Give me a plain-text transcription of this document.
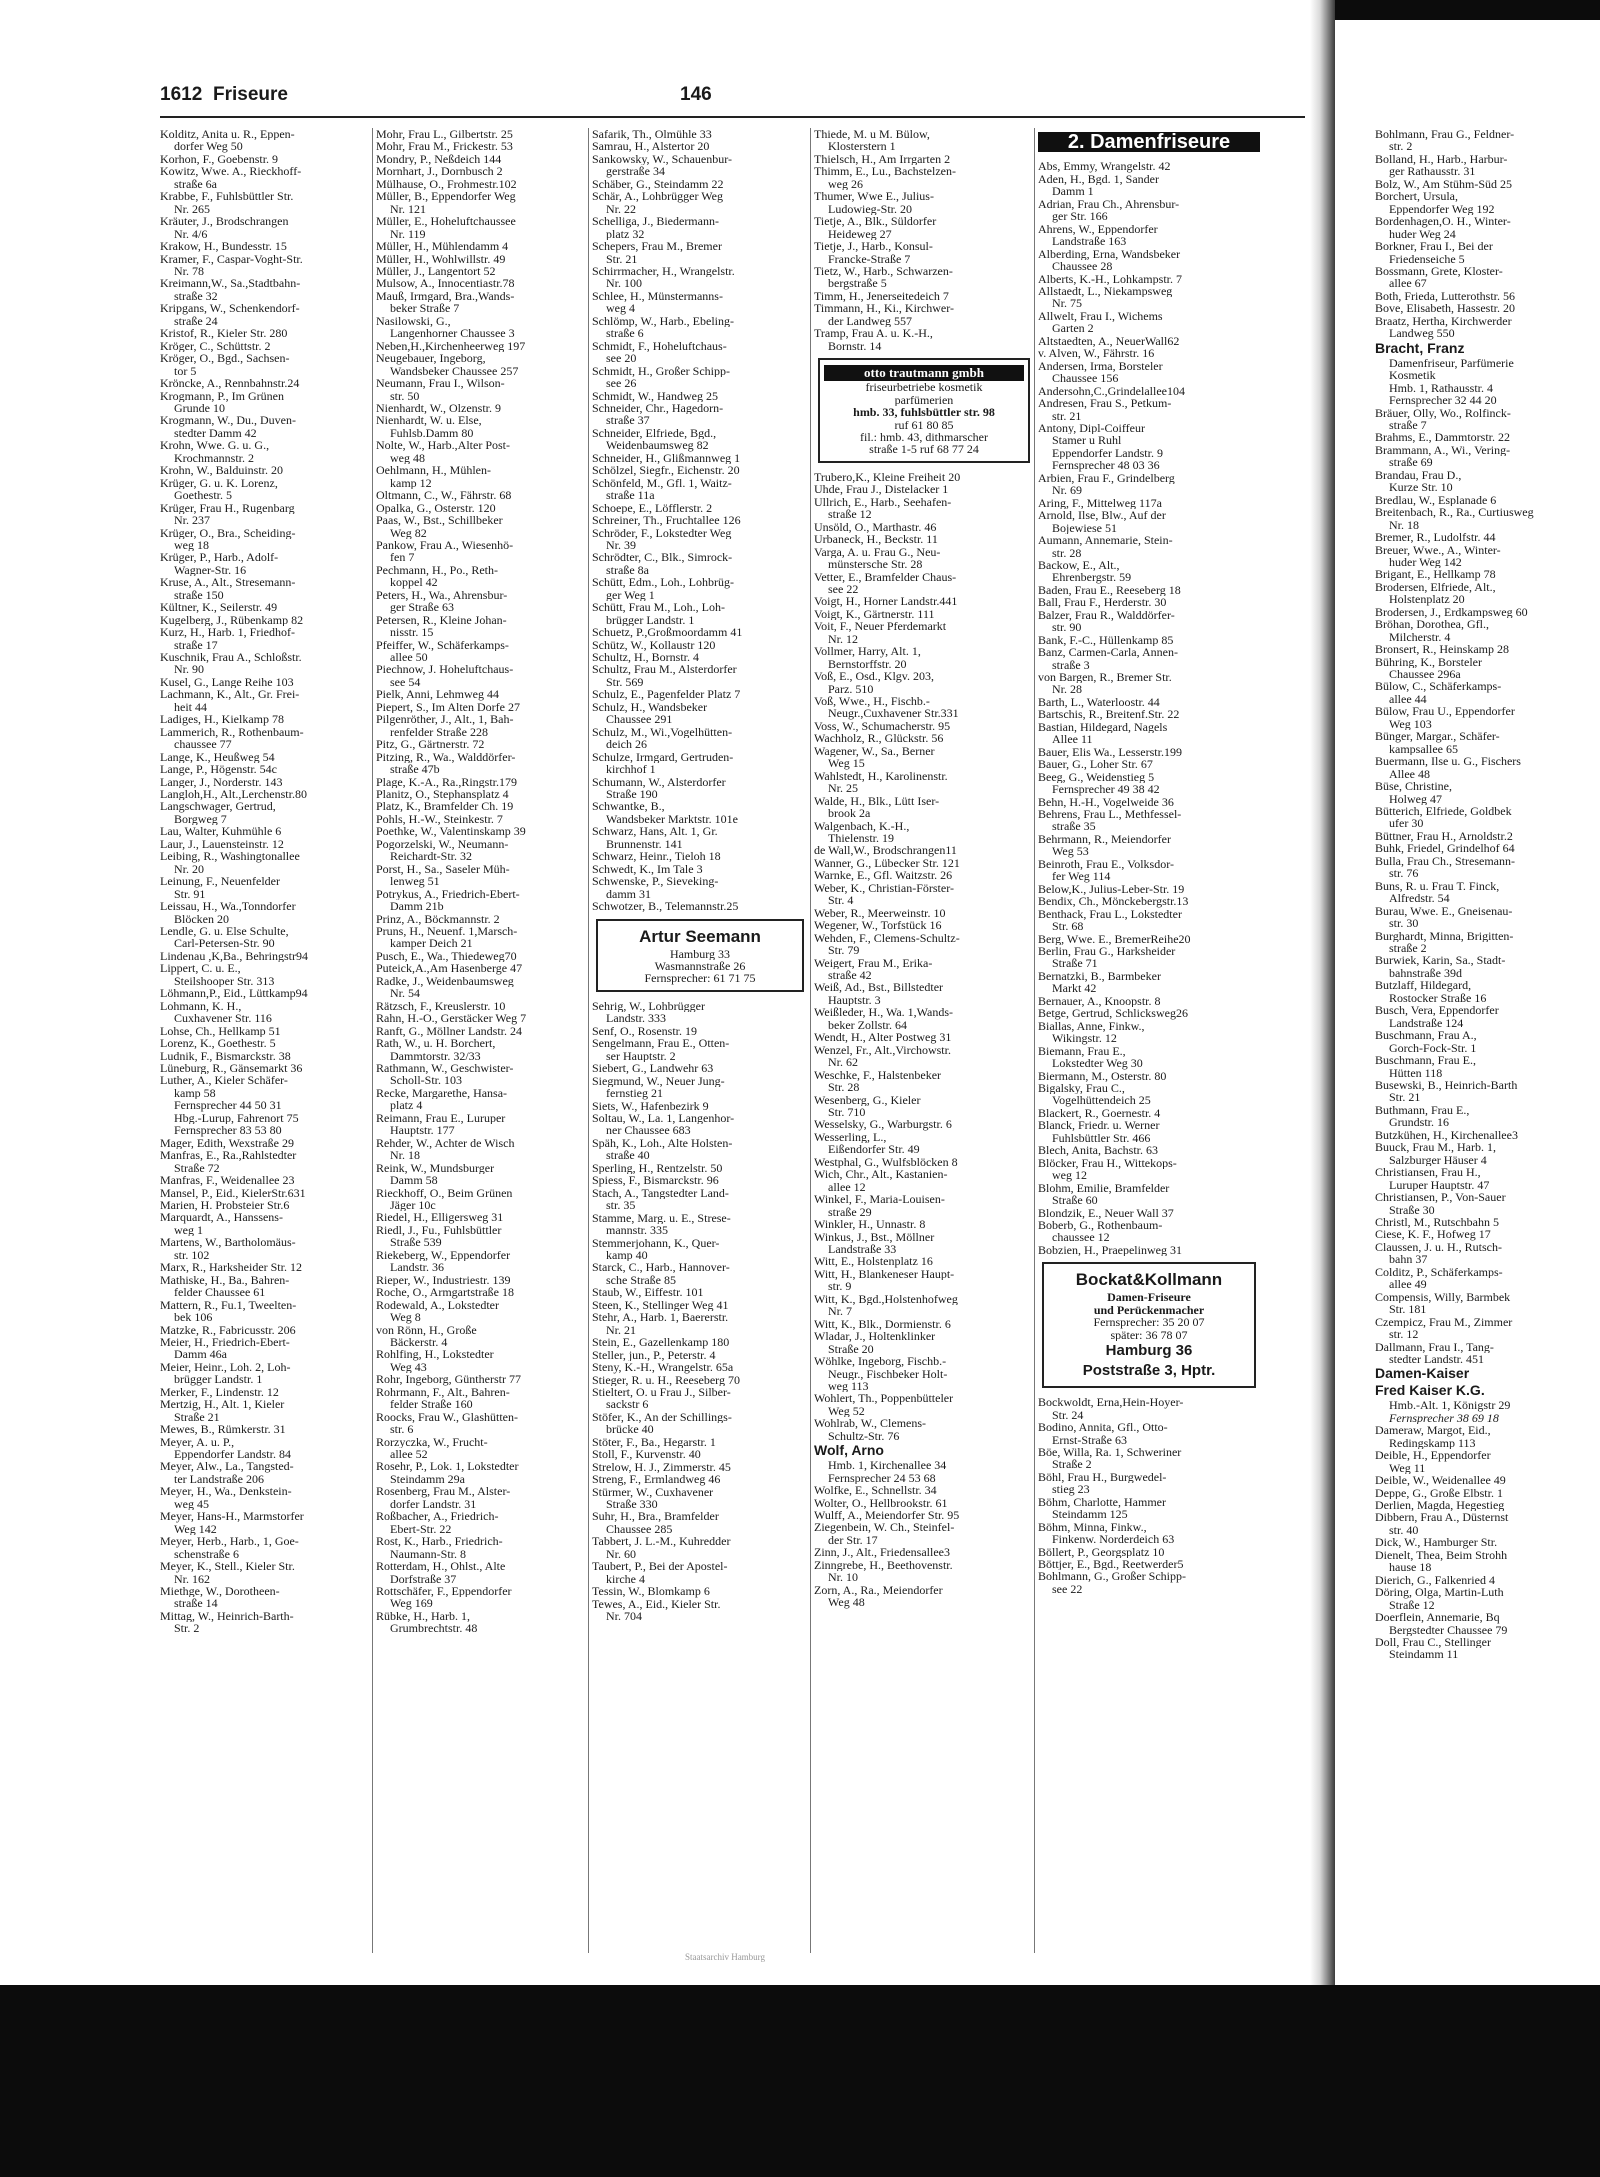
1612 Friseure	146
Kolditz, Anita u. R., Eppen-
dorfer Weg 50
Korhon, F., Goebenstr. 9
Kowitz, Wwe. A., Rieckhoff-
straße 6a
Krabbe, F., Fuhlsbüttler Str.
Nr. 265
Kräuter, J., Brodschrangen
Nr. 4/6
Krakow, H., Bundesstr. 15
Kramer, F., Caspar-Voght-Str.
Nr. 78
Kreimann,W., Sa.,Stadtbahn-
straße 32
Kripgans, W., Schenkendorf-
straße 24
Kristof, R., Kieler Str. 280
Kröger, C., Schüttstr. 2
Kröger, O., Bgd., Sachsen-
tor 5
Kröncke, A., Rennbahnstr.24
Krogmann, P., Im Grünen
Grunde 10
Krogmann, W., Du., Duven-
stedter Damm 42
Krohn, Wwe. G. u. G.,
Krochmannstr. 2
Krohn, W., Balduinstr. 20
Krüger, G. u. K. Lorenz,
Goethestr. 5
Krüger, Frau H., Rugenbarg
Nr. 237
Krüger, O., Bra., Scheiding-
weg 18
Krüger, P., Harb., Adolf-
Wagner-Str. 16
Kruse, A., Alt., Stresemann-
straße 150
Kültner, K., Seilerstr. 49
Kugelberg, J., Rübenkamp 82
Kurz, H., Harb. 1, Friedhof-
straße 17
Kuschnik, Frau A., Schloßstr.
Nr. 90
Kusel, G., Lange Reihe 103
Lachmann, K., Alt., Gr. Frei-
heit 44
Ladiges, H., Kielkamp 78
Lammerich, R., Rothenbaum-
chaussee 77
Lange, K., Heußweg 54
Lange, P., Högenstr. 54c
Langer, J., Norderstr. 143
Langloh,H., Alt.,Lerchenstr.80
Langschwager, Gertrud,
Borgweg 7
Lau, Walter, Kuhmühle 6
Laur, J., Lauensteinstr. 12
Leibing, R., Washingtonallee
Nr. 20
Leinung, F., Neuenfelder
Str. 91
Leissau, H., Wa.,Tonndorfer
Blöcken 20
Lendle, G. u. Else Schulte,
Carl-Petersen-Str. 90
Lindenau ,K,Ba., Behringstr94
Lippert, C. u. E.,
Steilshooper Str. 313
Löhmann,P., Eid., Lüttkamp94
Lohmann, K. H.,
Cuxhavener Str. 116
Lohse, Ch., Hellkamp 51
Lorenz, K., Goethestr. 5
Ludnik, F., Bismarckstr. 38
Lüneburg, R., Gänsemarkt 36
Luther, A., Kieler Schäfer-
kamp 58
Fernsprecher 44 50 31
Hbg.-Lurup, Fahrenort 75
Fernsprecher 83 53 80
Mager, Edith, Wexstraße 29
Manfras, E., Ra.,Rahlstedter
Straße 72
Manfras, F., Weidenallee 23
Mansel, P., Eid., KielerStr.631
Marien, H. Probsteier Str.6
Marquardt, A., Hanssens-
weg 1
Martens, W., Bartholomäus-
str. 102
Marx, R., Harksheider Str. 12
Mathiske, H., Ba., Bahren-
felder Chaussee 61
Mattern, R., Fu.1, Tweelten-
bek 106
Matzke, R., Fabricusstr. 206
Meier, H., Friedrich-Ebert-
Damm 46a
Meier, Heinr., Loh. 2, Loh-
brügger Landstr. 1
Merker, F., Lindenstr. 12
Mertzig, H., Alt. 1, Kieler
Straße 21
Mewes, B., Rümkerstr. 31
Meyer, A. u. P.,
Eppendorfer Landstr. 84
Meyer, Alw., La., Tangsted-
ter Landstraße 206
Meyer, H., Wa., Denkstein-
weg 45
Meyer, Hans-H., Marmstorfer
Weg 142
Meyer, Herb., Harb., 1, Goe-
schenstraße 6
Meyer, K., Stell., Kieler Str.
Nr. 162
Miethge, W., Dorotheen-
straße 14
Mittag, W., Heinrich-Barth-
Str. 2
Mohr, Frau L., Gilbertstr. 25
Mohr, Frau M., Frickestr. 53
Mondry, P., Neßdeich 144
Mornhart, J., Dornbusch 2
Mülhause, O., Frohmestr.102
Müller, B., Eppendorfer Weg
Nr. 121
Müller, E., Hoheluftchaussee
Nr. 119
Müller, H., Mühlendamm 4
Müller, H., Wohlwillstr. 49
Müller, J., Langentort 52
Mulsow, A., Innocentiastr.78
Mauß, Irmgard, Bra.,Wands-
beker Straße 7
Nasilowski, G.,
Langenhorner Chaussee 3
Neben,H.,Kirchenheerweg 197
Neugebauer, Ingeborg,
Wandsbeker Chaussee 257
Neumann, Frau I., Wilson-
str. 50
Nienhardt, W., Olzenstr. 9
Nienhardt, W. u. Else,
Fuhlsb.Damm 80
Nolte, W., Harb.,Alter Post-
weg 48
Oehlmann, H., Mühlen-
kamp 12
Oltmann, C., W., Fährstr. 68
Opalka, G., Osterstr. 120
Paas, W., Bst., Schillbeker
Weg 82
Pankow, Frau A., Wiesenhö-
fen 7
Pechmann, H., Po., Reth-
koppel 42
Peters, H., Wa., Ahrensbur-
ger Straße 63
Petersen, R., Kleine Johan-
nisstr. 15
Pfeiffer, W., Schäferkamps-
allee 50
Piechnow, J. Hoheluftchaus-
see 54
Pielk, Anni, Lehmweg 44
Piepert, S., Im Alten Dorfe 27
Pilgenröther, J., Alt., 1, Bah-
renfelder Straße 228
Pitz, G., Gärtnerstr. 72
Pitzing, R., Wa., Walddörfer-
straße 47b
Plage, K.-A., Ra.,Ringstr.179
Planitz, O., Stephansplatz 4
Platz, K., Bramfelder Ch. 19
Pohls, H.-W., Steinkestr. 7
Poethke, W., Valentinskamp 39
Pogorzelski, W., Neumann-
Reichardt-Str. 32
Porst, H., Sa., Saseler Müh-
lenweg 51
Potrykus, A., Friedrich-Ebert-
Damm 21b
Prinz, A., Böckmannstr. 2
Pruns, H., Neuenf. 1,Marsch-
kamper Deich 21
Pusch, E., Wa., Thiedeweg70
Puteick,A.,Am Hasenberge 47
Radke, J., Weidenbaumsweg
Nr. 54
Rätzsch, F., Kreuslerstr. 10
Rahn, H.-O., Gerstäcker Weg 7
Ranft, G., Möllner Landstr. 24
Rath, W., u. H. Borchert,
Dammtorstr. 32/33
Rathmann, W., Geschwister-
Scholl-Str. 103
Recke, Margarethe, Hansa-
platz 4
Reimann, Frau E., Luruper
Hauptstr. 177
Rehder, W., Achter de Wisch
Nr. 18
Reink, W., Mundsburger
Damm 58
Rieckhoff, O., Beim Grünen
Jäger 10c
Riedel, H., Elligersweg 31
Riedl, J., Fu., Fuhlsbüttler
Straße 539
Riekeberg, W., Eppendorfer
Landstr. 36
Rieper, W., Industriestr. 139
Roche, O., Armgartstraße 18
Rodewald, A., Lokstedter
Weg 8
von Rönn, H., Große
Bäckerstr. 4
Rohlfing, H., Lokstedter
Weg 43
Rohr, Ingeborg, Güntherstr 77
Rohrmann, F., Alt., Bahren-
felder Straße 160
Roocks, Frau W., Glashütten-
str. 6
Rorzyczka, W., Frucht-
allee 52
Rosehr, P., Lok. 1, Lokstedter
Steindamm 29a
Rosenberg, Frau M., Alster-
dorfer Landstr. 31
Roßbacher, A., Friedrich-
Ebert-Str. 22
Rost, K., Harb., Friedrich-
Naumann-Str. 8
Rotterdam, H., Ohlst., Alte
Dorfstraße 37
Rottschäfer, F., Eppendorfer
Weg 169
Rübke, H., Harb. 1,
Grumbrechtstr. 48
Safarik, Th., Olmühle 33
Samrau, H., Alstertor 20
Sankowsky, W., Schauenbur-
gerstraße 34
Schäber, G., Steindamm 22
Schär, A., Lohbrügger Weg
Nr. 22
Schelliga, J., Biedermann-
platz 32
Schepers, Frau M., Bremer
Str. 21
Schirrmacher, H., Wrangelstr.
Nr. 100
Schlee, H., Münstermanns-
weg 4
Schlömp, W., Harb., Ebeling-
straße 6
Schmidt, F., Hoheluftchaus-
see 20
Schmidt, H., Großer Schipp-
see 26
Schmidt, W., Handweg 25
Schneider, Chr., Hagedorn-
straße 37
Schneider, Elfriede, Bgd.,
Weidenbaumsweg 82
Schneider, H., Glißmannweg 1
Schölzel, Siegfr., Eichenstr. 20
Schönfeld, M., Gfl. 1, Waitz-
straße 11a
Schoepe, E., Löfflerstr. 2
Schreiner, Th., Fruchtallee 126
Schröder, F., Lokstedter Weg
Nr. 39
Schrödter, C., Blk., Simrock-
straße 8a
Schütt, Edm., Loh., Lohbrüg-
ger Weg 1
Schütt, Frau M., Loh., Loh-
brügger Landstr. 1
Schuetz, P.,Großmoordamm 41
Schütz, W., Kollaustr 120
Schultz, H., Bornstr. 4
Schultz, Frau M., Alsterdorfer
Str. 569
Schulz, E., Pagenfelder Platz 7
Schulz, H., Wandsbeker
Chaussee 291
Schulz, M., Wi.,Vogelhütten-
deich 26
Schulze, Irmgard, Gertruden-
kirchhof 1
Schumann, W., Alsterdorfer
Straße 190
Schwantke, B.,
Wandsbeker Marktstr. 101e
Schwarz, Hans, Alt. 1, Gr.
Brunnenstr. 141
Schwarz, Heinr., Tieloh 18
Schwedt, K., Im Tale 3
Schwenske, P., Sieveking-
damm 31
Schwotzer, B., Telemannstr.25
Artur Seemann
Hamburg 33
Wasmannstraße 26
Fernsprecher: 61 71 75
Sehrig, W., Lohbrügger
Landstr. 333
Senf, O., Rosenstr. 19
Sengelmann, Frau E., Otten-
ser Hauptstr. 2
Siebert, G., Landwehr 63
Siegmund, W., Neuer Jung-
fernstieg 21
Siets, W., Hafenbezirk 9
Soltau, W., La. 1, Langenhor-
ner Chaussee 683
Späh, K., Loh., Alte Holsten-
straße 40
Sperling, H., Rentzelstr. 50
Spiess, F., Bismarckstr. 96
Stach, A., Tangstedter Land-
str. 35
Stamme, Marg. u. E., Strese-
mannstr. 335
Stemmerjohann, K., Quer-
kamp 40
Starck, C., Harb., Hannover-
sche Straße 85
Staub, W., Eiffestr. 101
Steen, K., Stellinger Weg 41
Stehr, A., Harb. 1, Baererstr.
Nr. 21
Stein, E., Gazellenkamp 180
Steller, jun., P., Peterstr. 4
Steny, K.-H., Wrangelstr. 65a
Stieger, R. u. H., Reeseberg 70
Stieltert, O. u Frau J., Silber-
sackstr 6
Stöfer, K., An der Schillings-
brücke 40
Stöter, F., Ba., Hegarstr. 1
Stoll, F., Kurvenstr. 40
Strelow, H. J., Zimmerstr. 45
Streng, F., Ermlandweg 46
Stürmer, W., Cuxhavener
Straße 330
Suhr, H., Bra., Bramfelder
Chaussee 285
Tabbert, J. L.-M., Kuhredder
Nr. 60
Taubert, P., Bei der Apostel-
kirche 4
Tessin, W., Blomkamp 6
Tewes, A., Eid., Kieler Str.
Nr. 704
Thiede, M. u M. Bülow,
Klosterstern 1
Thielsch, H., Am Irrgarten 2
Thimm, E., Lu., Bachstelzen-
weg 26
Thumer, Wwe E., Julius-
Ludowieg-Str. 20
Tietje, A., Blk., Süldorfer
Heideweg 27
Tietje, J., Harb., Konsul-
Francke-Straße 7
Tietz, W., Harb., Schwarzen-
bergstraße 5
Timm, H., Jenerseitedeich 7
Timmann, H., Ki., Kirchwer-
der Landweg 557
Tramp, Frau A. u. K.-H.,
Bornstr. 14
otto trautmann gmbh
friseurbetriebe kosmetik
parfümerien
hmb. 33, fuhlsbüttler str. 98
ruf 61 80 85
fil.: hmb. 43, dithmarscher
straße 1-5 ruf 68 77 24
Trubero,K., Kleine Freiheit 20
Uhde, Frau J., Distelacker 1
Ullrich, E., Harb., Seehafen-
straße 12
Unsöld, O., Marthastr. 46
Urbaneck, H., Beckstr. 11
Varga, A. u. Frau G., Neu-
münstersche Str. 28
Vetter, E., Bramfelder Chaus-
see 22
Voigt, H., Horner Landstr.441
Voigt, K., Gärtnerstr. 111
Voit, F., Neuer Pferdemarkt
Nr. 12
Vollmer, Harry, Alt. 1,
Bernstorffstr. 20
Voß, E., Osd., Klgv. 203,
Parz. 510
Voß, Wwe., H., Fischb.-
Neugr.,Cuxhavener Str.331
Voss, W., Schumacherstr. 95
Wachholz, R., Glückstr. 56
Wagener, W., Sa., Berner
Weg 15
Wahlstedt, H., Karolinenstr.
Nr. 25
Walde, H., Blk., Lütt Iser-
brook 2a
Walgenbach, K.-H.,
Thielenstr. 19
de Wall,W., Brodschrangen11
Wanner, G., Lübecker Str. 121
Warnke, E., Gfl. Waitzstr. 26
Weber, K., Christian-Förster-
Str. 4
Weber, R., Meerweinstr. 10
Wegener, W., Torfstück 16
Wehden, F., Clemens-Schultz-
Str. 79
Weigert, Frau M., Erika-
straße 42
Weiß, Ad., Bst., Billstedter
Hauptstr. 3
Weißleder, H., Wa. 1,Wands-
beker Zollstr. 64
Wendt, H., Alter Postweg 31
Wenzel, Fr., Alt.,Virchowstr.
Nr. 62
Weschke, F., Halstenbeker
Str. 28
Wesenberg, G., Kieler
Str. 710
Wesselsky, G., Warburgstr. 6
Wesserling, L.,
Eißendorfer Str. 49
Westphal, G., Wulfsblöcken 8
Wich, Chr., Alt., Kastanien-
allee 12
Winkel, F., Maria-Louisen-
straße 29
Winkler, H., Unnastr. 8
Winkus, J., Bst., Möllner
Landstraße 33
Witt, E., Holstenplatz 16
Witt, H., Blankeneser Haupt-
str. 9
Witt, K., Bgd.,Holstenhofweg
Nr. 7
Witt, K., Blk., Dormienstr. 6
Wladar, J., Holtenklinker
Straße 20
Wöhlke, Ingeborg, Fischb.-
Neugr., Fischbeker Holt-
weg 113
Wohlert, Th., Poppenbütteler
Weg 52
Wohlrab, W., Clemens-
Schultz-Str. 76
Wolf, Arno
Hmb. 1, Kirchenallee 34
Fernsprecher 24 53 68
Wolfke, E., Schnellstr. 34
Wolter, O., Hellbrookstr. 61
Wulff, A., Meiendorfer Str. 95
Ziegenbein, W. Ch., Steinfel-
der Str. 17
Zinn, J., Alt., Friedensallee3
Zinngrebe, H., Beethovenstr.
Nr. 10
Zorn, A., Ra., Meiendorfer
Weg 48
2. Damenfriseure
Abs, Emmy, Wrangelstr. 42
Aden, H., Bgd. 1, Sander
Damm 1
Adrian, Frau Ch., Ahrensbur-
ger Str. 166
Ahrens, W., Eppendorfer
Landstraße 163
Alberding, Erna, Wandsbeker
Chaussee 28
Alberts, K.-H., Lohkampstr. 7
Allstaedt, L., Niekampsweg
Nr. 75
Allwelt, Frau I., Wichems
Garten 2
Altstaedten, A., NeuerWall62
v. Alven, W., Fährstr. 16
Andersen, Irma, Borsteler
Chaussee 156
Andersohn,C.,Grindelallee104
Andresen, Frau S., Petkum-
str. 21
Antony, Dipl-Coiffeur
Stamer u Ruhl
Eppendorfer Landstr. 9
Fernsprecher 48 03 36
Arbien, Frau F., Grindelberg
Nr. 69
Aring, F., Mittelweg 117a
Arnold, Ilse, Blw., Auf der
Bojewiese 51
Aumann, Annemarie, Stein-
str. 28
Backow, E., Alt.,
Ehrenbergstr. 59
Baden, Frau E., Reeseberg 18
Ball, Frau F., Herderstr. 30
Balzer, Frau R., Walddörfer-
str. 90
Bank, F.-C., Hüllenkamp 85
Banz, Carmen-Carla, Annen-
straße 3
von Bargen, R., Bremer Str.
Nr. 28
Barth, L., Waterloostr. 44
Bartschis, R., Breitenf.Str. 22
Bastian, Hildegard, Nagels
Allee 11
Bauer, Elis Wa., Lesserstr.199
Bauer, G., Loher Str. 67
Beeg, G., Weidenstieg 5
Fernsprecher 49 38 42
Behn, H.-H., Vogelweide 36
Behrens, Frau L., Methfessel-
straße 35
Behrmann, R., Meiendorfer
Weg 53
Beinroth, Frau E., Volksdor-
fer Weg 114
Below,K., Julius-Leber-Str. 19
Bendix, Ch., Mönckebergstr.13
Benthack, Frau L., Lokstedter
Str. 68
Berg, Wwe. E., BremerReihe20
Berlin, Frau G., Harksheider
Straße 71
Bernatzki, B., Barmbeker
Markt 42
Bernauer, A., Knoopstr. 8
Betge, Gertrud, Schlicksweg26
Biallas, Anne, Finkw.,
Wikingstr. 12
Biemann, Frau E.,
Lokstedter Weg 30
Biermann, M., Osterstr. 80
Bigalsky, Frau C.,
Vogelhüttendeich 25
Blackert, R., Goernestr. 4
Blanck, Friedr. u. Werner
Fuhlsbüttler Str. 466
Blech, Anita, Bachstr. 63
Blöcker, Frau H., Wittekops-
weg 12
Blohm, Emilie, Bramfelder
Straße 60
Blondzik, E., Neuer Wall 37
Boberb, G., Rothenbaum-
chaussee 12
Bobzien, H., Praepelinweg 31
Bockat&Kollmann
Damen-Friseure
und Perückenmacher
Fernsprecher: 35 20 07
später: 36 78 07
Hamburg 36
Poststraße 3, Hptr.
Bockwoldt, Erna,Hein-Hoyer-
Str. 24
Bodino, Annita, Gfl., Otto-
Ernst-Straße 63
Böe, Willa, Ra. 1, Schweriner
Straße 2
Böhl, Frau H., Burgwedel-
stieg 23
Böhm, Charlotte, Hammer
Steindamm 125
Böhm, Minna, Finkw.,
Finkenw. Norderdeich 63
Böllert, P., Georgsplatz 10
Böttjer, E., Bgd., Reetwerder5
Bohlmann, G., Großer Schipp-
see 22
Staatsarchiv Hamburg
Bohlmann, Frau G., Feldner-
str. 2
Bolland, H., Harb., Harbur-
ger Rathausstr. 31
Bolz, W., Am Stühm-Süd 25
Borchert, Ursula,
Eppendorfer Weg 192
Bordenhagen,O. H., Winter-
huder Weg 24
Borkner, Frau I., Bei der
Friedenseiche 5
Bossmann, Grete, Kloster-
allee 67
Both, Frieda, Lutterothstr. 56
Bove, Elisabeth, Hassestr. 20
Braatz, Hertha, Kirchwerder
Landweg 550
Bracht, Franz
Damenfriseur, Parfümerie
Kosmetik
Hmb. 1, Rathausstr. 4
Fernsprecher 32 44 20
Bräuer, Olly, Wo., Rolfinck-
straße 7
Brahms, E., Dammtorstr. 22
Brammann, A., Wi., Vering-
straße 69
Brandau, Frau D.,
Kurze Str. 10
Bredlau, W., Esplanade 6
Breitenbach, R., Ra., Curtiusweg
Nr. 18
Bremer, R., Ludolfstr. 44
Breuer, Wwe., A., Winter-
huder Weg 142
Brigant, E., Hellkamp 78
Brodersen, Elfriede, Alt.,
Holstenplatz 20
Brodersen, J., Erdkampsweg 60
Bröhan, Dorothea, Gfl.,
Milcherstr. 4
Bronsert, R., Heinskamp 28
Bühring, K., Borsteler
Chaussee 296a
Bülow, C., Schäferkamps-
allee 44
Bülow, Frau U., Eppendorfer
Weg 103
Bünger, Margar., Schäfer-
kampsallee 65
Buermann, Ilse u. G., Fischers
Allee 48
Büse, Christine,
Holweg 47
Bütterich, Elfriede, Goldbek
ufer 30
Büttner, Frau H., Arnoldstr.2
Buhk, Friedel, Grindelhof 64
Bulla, Frau Ch., Stresemann-
str. 76
Buns, R. u. Frau T. Finck,
Alfredstr. 54
Burau, Wwe. E., Gneisenau-
str. 30
Burghardt, Minna, Brigitten-
straße 2
Burwiek, Karin, Sa., Stadt-
bahnstraße 39d
Butzlaff, Hildegard,
Rostocker Straße 16
Busch, Vera, Eppendorfer
Landstraße 124
Buschmann, Frau A.,
Gorch-Fock-Str. 1
Buschmann, Frau E.,
Hütten 118
Busewski, B., Heinrich-Barth
Str. 21
Buthmann, Frau E.,
Grundstr. 16
Butzkühen, H., Kirchenallee3
Buuck, Frau M., Harb. 1,
Salzburger Häuser 4
Christiansen, Frau H.,
Luruper Hauptstr. 47
Christiansen, P., Von-Sauer
Straße 30
Christl, M., Rutschbahn 5
Ciese, K. F., Hofweg 17
Claussen, J. u. H., Rutsch-
bahn 37
Colditz, P., Schäferkamps-
allee 49
Compensis, Willy, Barmbek
Str. 181
Czempicz, Frau M., Zimmer
str. 12
Dallmann, Frau I., Tang-
stedter Landstr. 451
Damen-Kaiser
Fred Kaiser K.G.
Hmb.-Alt. 1, Königstr 29
Fernsprecher 38 69 18
Dameraw, Margot, Eid.,
Redingskamp 113
Deible, H., Eppendorfer
Weg 11
Deible, W., Weidenallee 49
Deppe, G., Große Elbstr. 1
Derlien, Magda, Hegestieg
Dibbern, Frau A., Düsternst
str. 40
Dick, W., Hamburger Str.
Dienelt, Thea, Beim Strohh
hause 18
Dierich, G., Falkenried 4
Döring, Olga, Martin-Luth
Straße 12
Doerflein, Annemarie, Bq
Bergstedter Chaussee 79
Doll, Frau C., Stellinger
Steindamm 11
